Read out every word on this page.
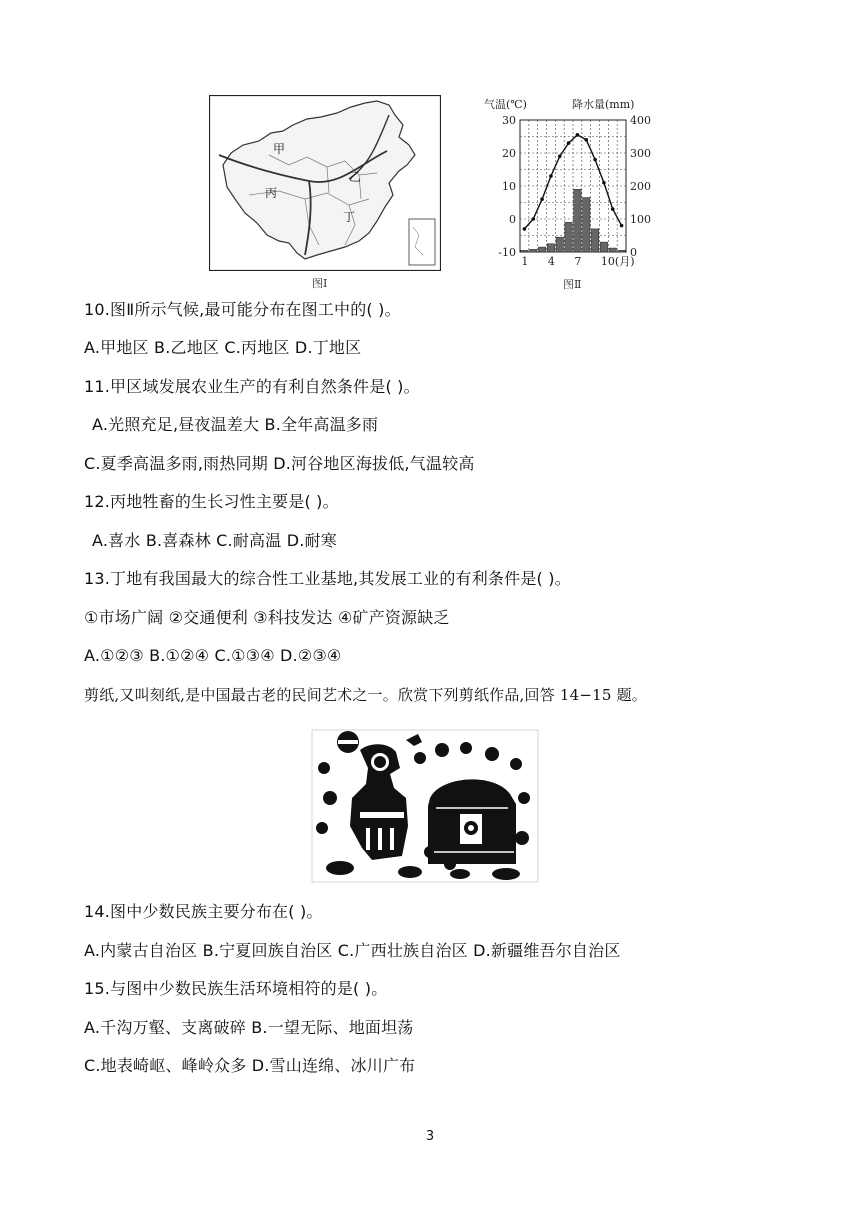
甲
乙
丙
丁
图Ⅰ
气温(℃)	降水量(mm)
30
20
10
0
-10
400
300
200
100
0
1 4 7 10(月)
图Ⅱ
10.图Ⅱ所示气候,最可能分布在图工中的( )。
A.甲地区 B.乙地区 C.丙地区 D.丁地区
11.甲区域发展农业生产的有利自然条件是( )。
A.光照充足,昼夜温差大 B.全年高温多雨
C.夏季高温多雨,雨热同期 D.河谷地区海拔低,气温较高
12.丙地牲畜的生长习性主要是( )。
A.喜水 B.喜森林 C.耐高温 D.耐寒
13.丁地有我国最大的综合性工业基地,其发展工业的有利条件是( )。
①市场广阔 ②交通便利 ③科技发达 ④矿产资源缺乏
A.①②③ B.①②④ C.①③④ D.②③④
剪纸,又叫刻纸,是中国最古老的民间艺术之一。欣赏下列剪纸作品,回答 14−15 题。
14.图中少数民族主要分布在( )。
A.内蒙古自治区 B.宁夏回族自治区 C.广西壮族自治区 D.新疆维吾尔自治区
15.与图中少数民族生活环境相符的是( )。
A.千沟万壑、支离破碎 B.一望无际、地面坦荡
C.地表崎岖、峰岭众多 D.雪山连绵、冰川广布
3
